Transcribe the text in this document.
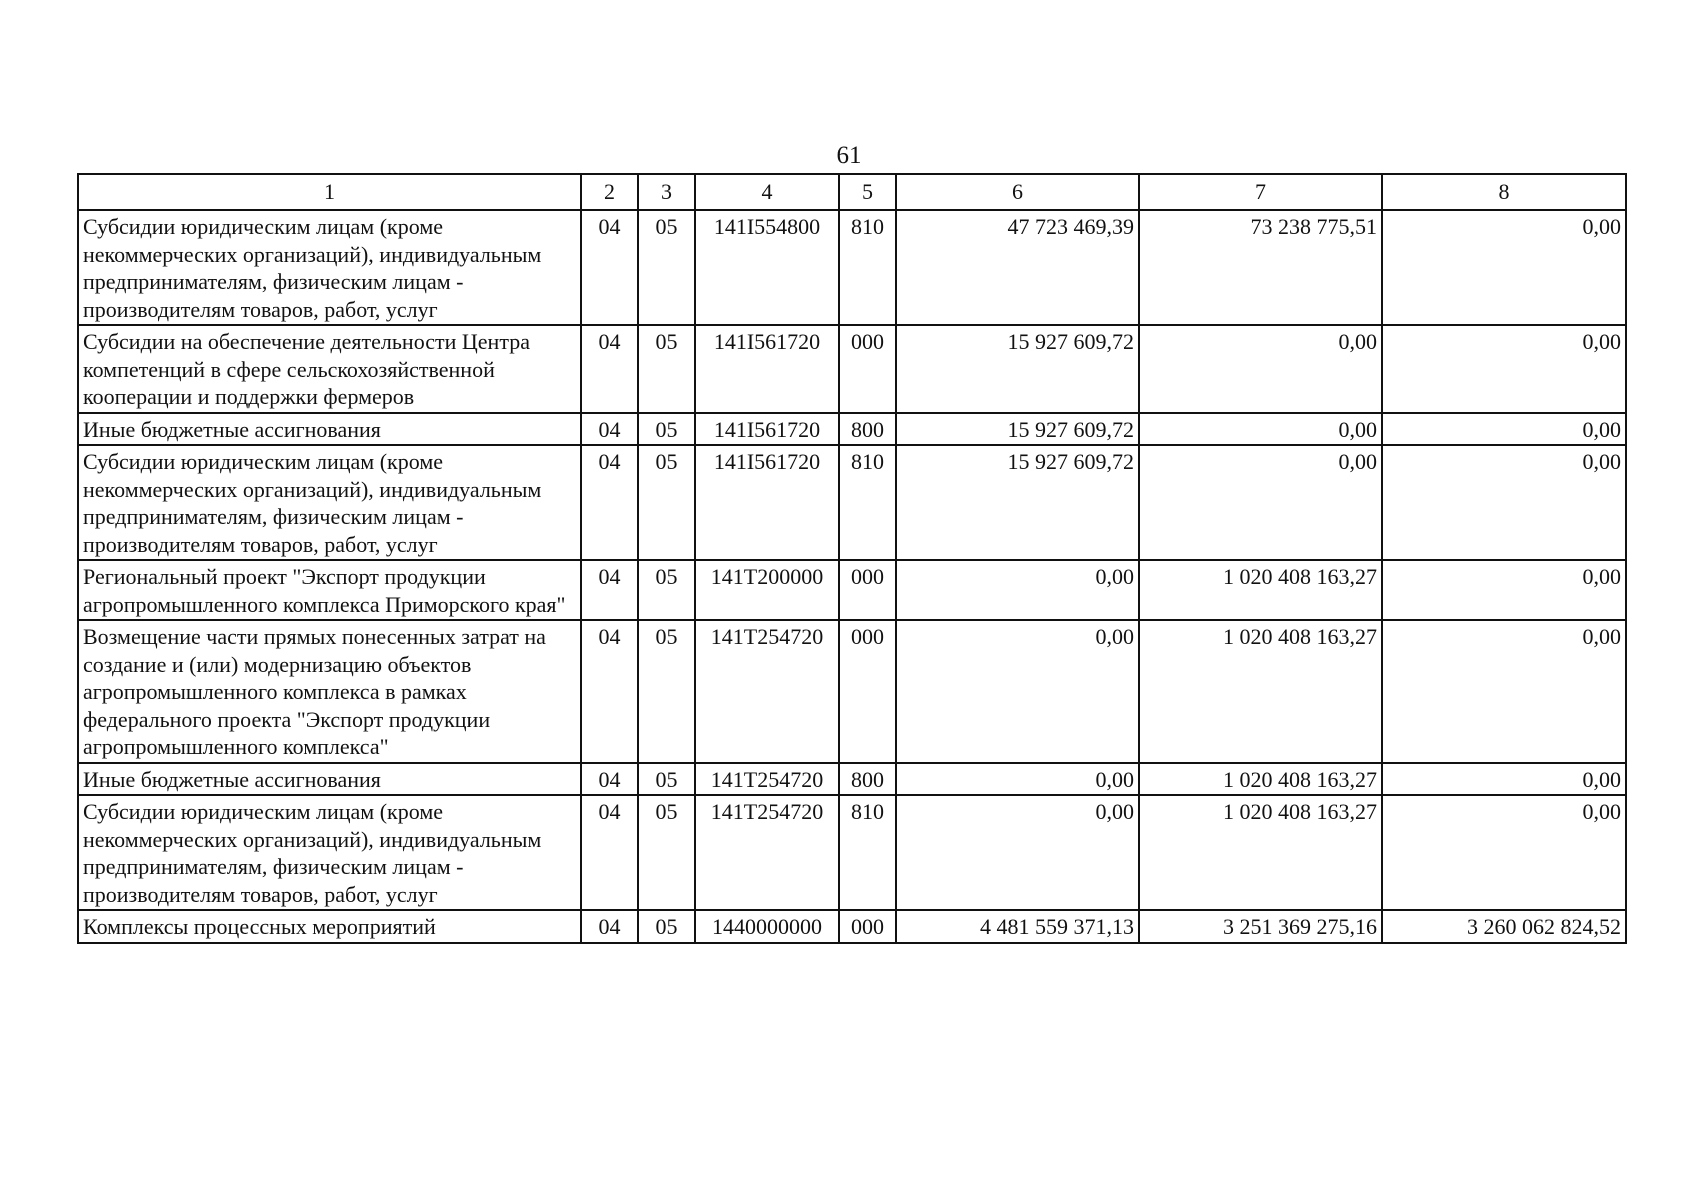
61
1	2	3	4	5	6	7	8
Субсидии юридическим лицам (кроме некоммерческих организаций), индивидуальным предпринимателям, физическим лицам - производителям товаров, работ, услуг	04	05	141I554800	810	47 723 469,39	73 238 775,51	0,00
Субсидии на обеспечение деятельности Центра компетенций в сфере сельскохозяйственной кооперации и поддержки фермеров	04	05	141I561720	000	15 927 609,72	0,00	0,00
Иные бюджетные ассигнования	04	05	141I561720	800	15 927 609,72	0,00	0,00
Субсидии юридическим лицам (кроме некоммерческих организаций), индивидуальным предпринимателям, физическим лицам - производителям товаров, работ, услуг	04	05	141I561720	810	15 927 609,72	0,00	0,00
Региональный проект "Экспорт продукции агропромышленного комплекса Приморского края"	04	05	141T200000	000	0,00	1 020 408 163,27	0,00
Возмещение части прямых понесенных затрат на создание и (или) модернизацию объектов агропромышленного комплекса в рамках федерального проекта "Экспорт продукции агропромышленного комплекса"	04	05	141T254720	000	0,00	1 020 408 163,27	0,00
Иные бюджетные ассигнования	04	05	141T254720	800	0,00	1 020 408 163,27	0,00
Субсидии юридическим лицам (кроме некоммерческих организаций), индивидуальным предпринимателям, физическим лицам - производителям товаров, работ, услуг	04	05	141T254720	810	0,00	1 020 408 163,27	0,00
Комплексы процессных мероприятий	04	05	1440000000	000	4 481 559 371,13	3 251 369 275,16	3 260 062 824,52
